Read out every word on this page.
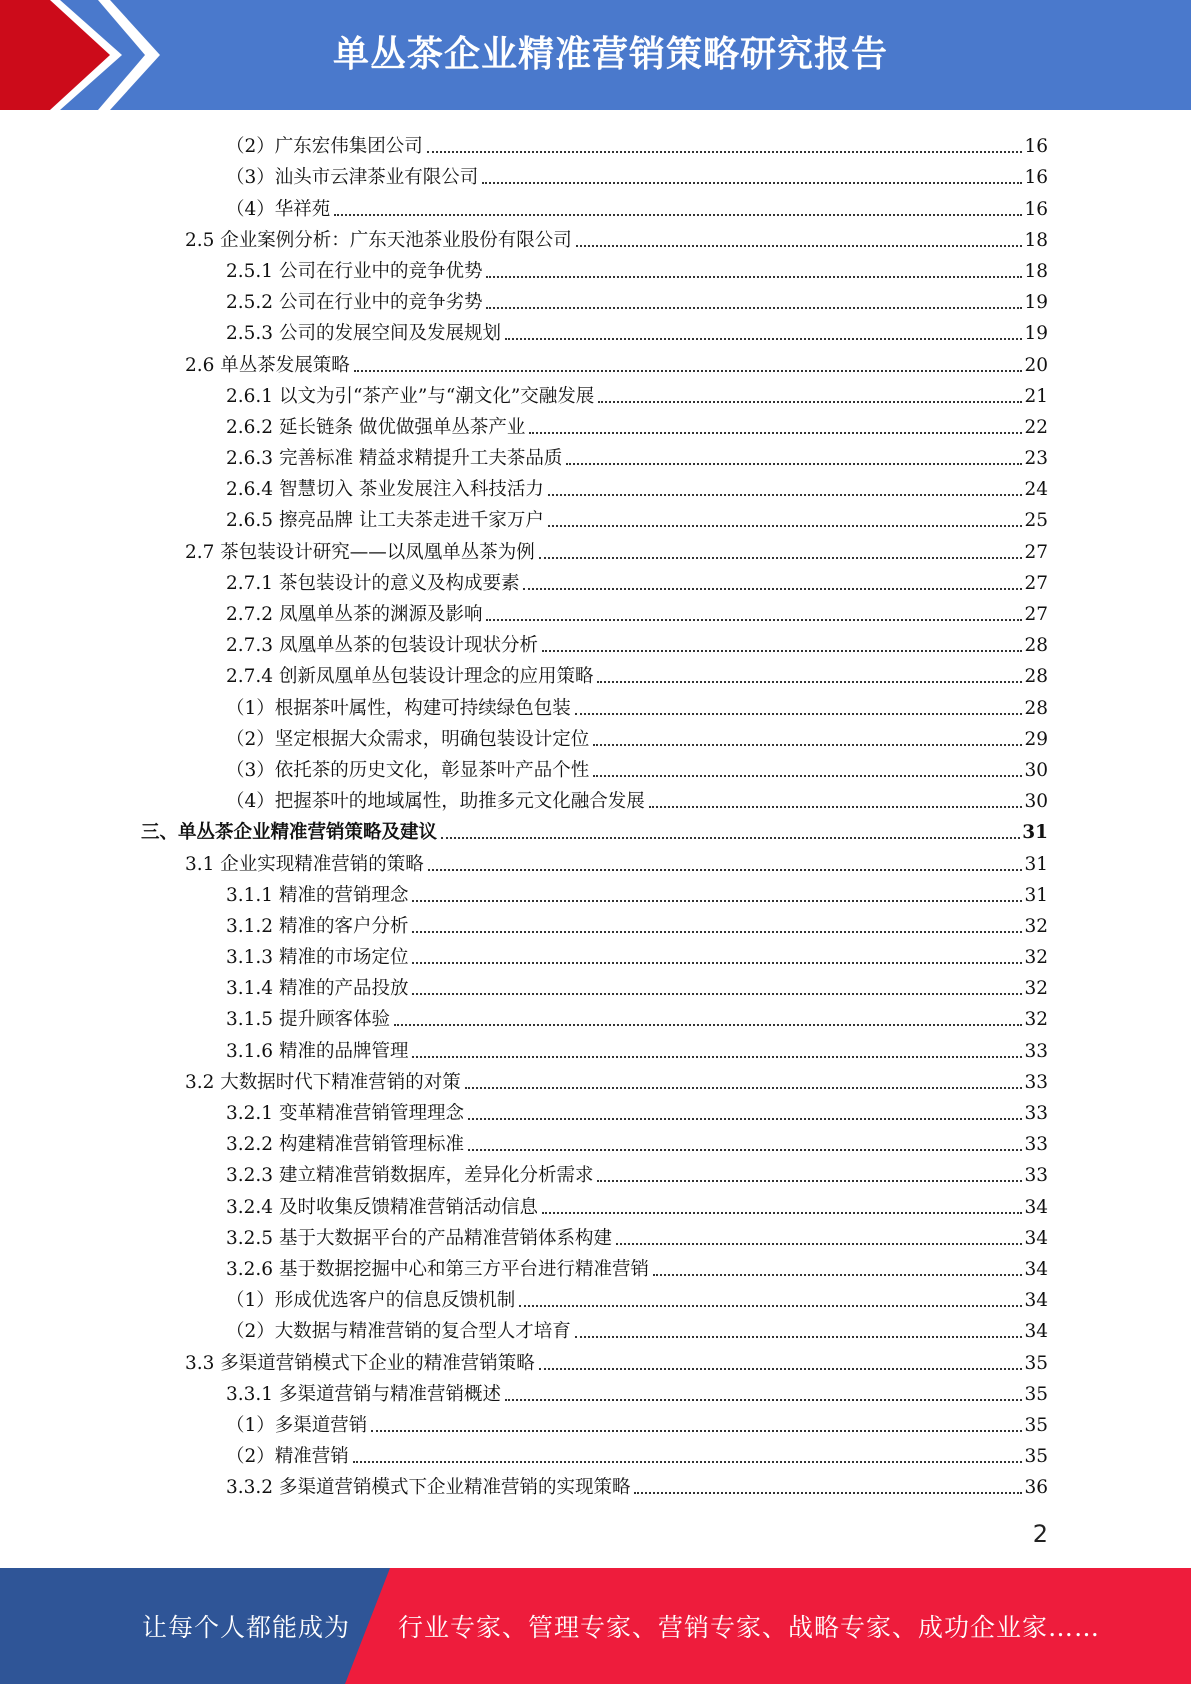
单丛茶企业精准营销策略研究报告
（2）广东宏伟集团公司	16
（3）汕头市云津茶业有限公司	16
（4）华祥苑	16
2.5 企业案例分析：广东天池茶业股份有限公司	18
2.5.1 公司在行业中的竞争优势	18
2.5.2 公司在行业中的竞争劣势	19
2.5.3 公司的发展空间及发展规划	19
2.6 单丛茶发展策略	20
2.6.1 以文为引“茶产业”与“潮文化”交融发展	21
2.6.2 延长链条 做优做强单丛茶产业	22
2.6.3 完善标准 精益求精提升工夫茶品质	23
2.6.4 智慧切入 茶业发展注入科技活力	24
2.6.5 擦亮品牌 让工夫茶走进千家万户	25
2.7 茶包装设计研究——以凤凰单丛茶为例	27
2.7.1 茶包装设计的意义及构成要素	27
2.7.2 凤凰单丛茶的渊源及影响	27
2.7.3 凤凰单丛茶的包装设计现状分析	28
2.7.4 创新凤凰单丛包装设计理念的应用策略	28
（1）根据茶叶属性，构建可持续绿色包装	28
（2）坚定根据大众需求，明确包装设计定位	29
（3）依托茶的历史文化，彰显茶叶产品个性	30
（4）把握茶叶的地域属性，助推多元文化融合发展	30
三、单丛茶企业精准营销策略及建议	31
3.1 企业实现精准营销的策略	31
3.1.1 精准的营销理念	31
3.1.2 精准的客户分析	32
3.1.3 精准的市场定位	32
3.1.4 精准的产品投放	32
3.1.5 提升顾客体验	32
3.1.6 精准的品牌管理	33
3.2 大数据时代下精准营销的对策	33
3.2.1 变革精准营销管理理念	33
3.2.2 构建精准营销管理标准	33
3.2.3 建立精准营销数据库，差异化分析需求	33
3.2.4 及时收集反馈精准营销活动信息	34
3.2.5 基于大数据平台的产品精准营销体系构建	34
3.2.6 基于数据挖掘中心和第三方平台进行精准营销	34
（1）形成优选客户的信息反馈机制	34
（2）大数据与精准营销的复合型人才培育	34
3.3 多渠道营销模式下企业的精准营销策略	35
3.3.1 多渠道营销与精准营销概述	35
（1）多渠道营销	35
（2）精准营销	35
3.3.2 多渠道营销模式下企业精准营销的实现策略	36
2
让每个人都能成为 行业专家、管理专家、营销专家、战略专家、成功企业家……
